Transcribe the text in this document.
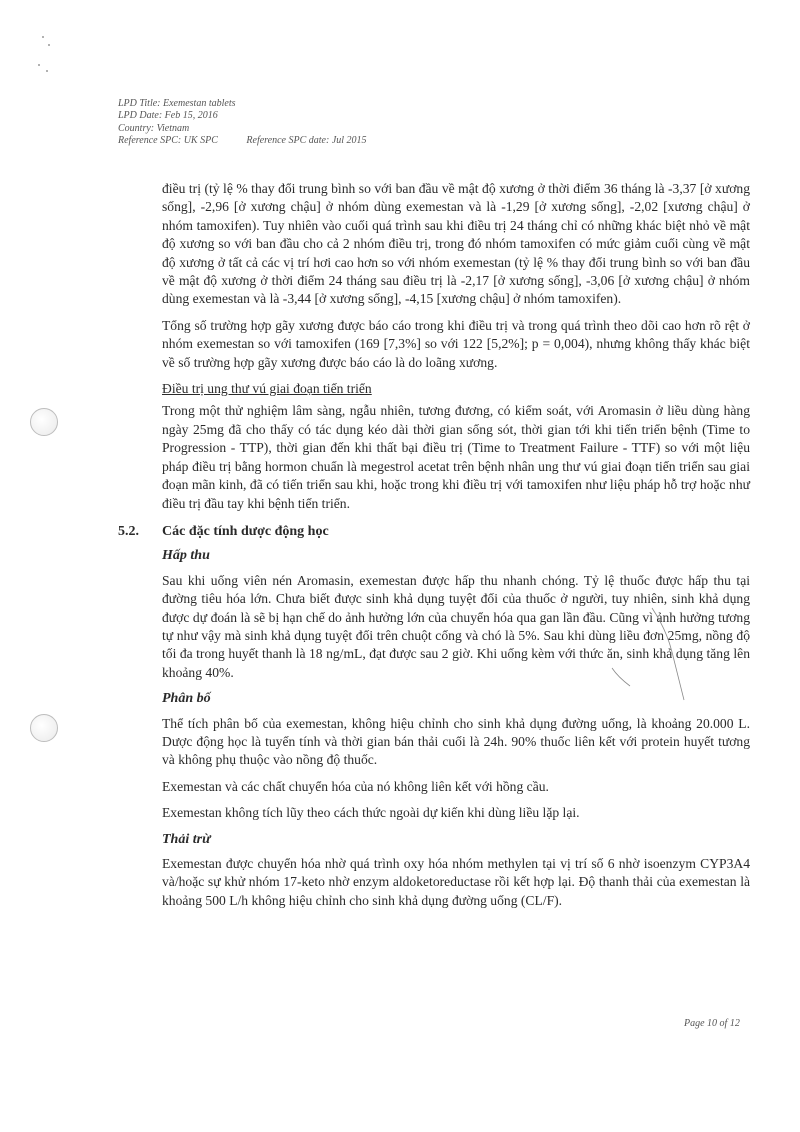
LPD Title: Exemestan tablets
LPD Date: Feb 15, 2016
Country: Vietnam
Reference SPC: UK SPC	Reference SPC date: Jul 2015

điều trị (tỷ lệ % thay đổi trung bình so với ban đầu về mật độ xương ở thời điểm 36 tháng là -3,37 [ở xương sống], -2,96 [ở xương chậu] ở nhóm dùng exemestan và là -1,29 [ở xương sống], -2,02 [xương chậu] ở nhóm tamoxifen). Tuy nhiên vào cuối quá trình sau khi điều trị 24 tháng chỉ có những khác biệt nhỏ về mật độ xương so với ban đầu cho cả 2 nhóm điều trị, trong đó nhóm tamoxifen có mức giảm cuối cùng về mật độ xương ở tất cả các vị trí hơi cao hơn so với nhóm exemestan (tỷ lệ % thay đổi trung bình so với ban đầu về mật độ xương ở thời điểm 24 tháng sau điều trị là -2,17 [ở xương sống], -3,06 [ở xương chậu] ở nhóm dùng exemestan và là -3,44 [ở xương sống], -4,15 [xương chậu] ở nhóm tamoxifen).

Tổng số trường hợp gãy xương được báo cáo trong khi điều trị và trong quá trình theo dõi cao hơn rõ rệt ở nhóm exemestan so với tamoxifen (169 [7,3%] so với 122 [5,2%]; p = 0,004), nhưng không thấy khác biệt về số trường hợp gãy xương được báo cáo là do loãng xương.

Điều trị ung thư vú giai đoạn tiến triển

Trong một thử nghiệm lâm sàng, ngẫu nhiên, tương đương, có kiểm soát, với Aromasin ở liều dùng hàng ngày 25mg đã cho thấy có tác dụng kéo dài thời gian sống sót, thời gian tới khi tiến triển bệnh (Time to Progression - TTP), thời gian đến khi thất bại điều trị (Time to Treatment Failure - TTF) so với một liệu pháp điều trị bằng hormon chuẩn là megestrol acetat trên bệnh nhân ung thư vú giai đoạn tiến triển sau giai đoạn mãn kinh, đã có tiến triển sau khi, hoặc trong khi điều trị với tamoxifen như liệu pháp hỗ trợ hoặc như điều trị đầu tay khi bệnh tiến triển.

5.2. Các đặc tính dược động học
Hấp thu

Sau khi uống viên nén Aromasin, exemestan được hấp thu nhanh chóng. Tỷ lệ thuốc được hấp thu tại đường tiêu hóa lớn. Chưa biết được sinh khả dụng tuyệt đối của thuốc ở người, tuy nhiên, sinh khả dụng được dự đoán là sẽ bị hạn chế do ảnh hưởng lớn của chuyển hóa qua gan lần đầu. Cũng vì ảnh hưởng tương tự như vậy mà sinh khả dụng tuyệt đối trên chuột cống và chó là 5%. Sau khi dùng liều đơn 25mg, nồng độ tối đa trong huyết thanh là 18 ng/mL, đạt được sau 2 giờ. Khi uống kèm với thức ăn, sinh khả dụng tăng lên khoảng 40%.

Phân bố

Thể tích phân bố của exemestan, không hiệu chỉnh cho sinh khả dụng đường uống, là khoảng 20.000 L. Dược động học là tuyến tính và thời gian bán thải cuối là 24h. 90% thuốc liên kết với protein huyết tương và không phụ thuộc vào nồng độ thuốc.

Exemestan và các chất chuyển hóa của nó không liên kết với hồng cầu.

Exemestan không tích lũy theo cách thức ngoài dự kiến khi dùng liều lặp lại.

Thải trừ

Exemestan được chuyển hóa nhờ quá trình oxy hóa nhóm methylen tại vị trí số 6 nhờ isoenzym CYP3A4 và/hoặc sự khử nhóm 17-keto nhờ enzym aldoketoreductase rồi kết hợp lại. Độ thanh thải của exemestan là khoảng 500 L/h không hiệu chỉnh cho sinh khả dụng đường uống (CL/F).

Page 10 of 12
